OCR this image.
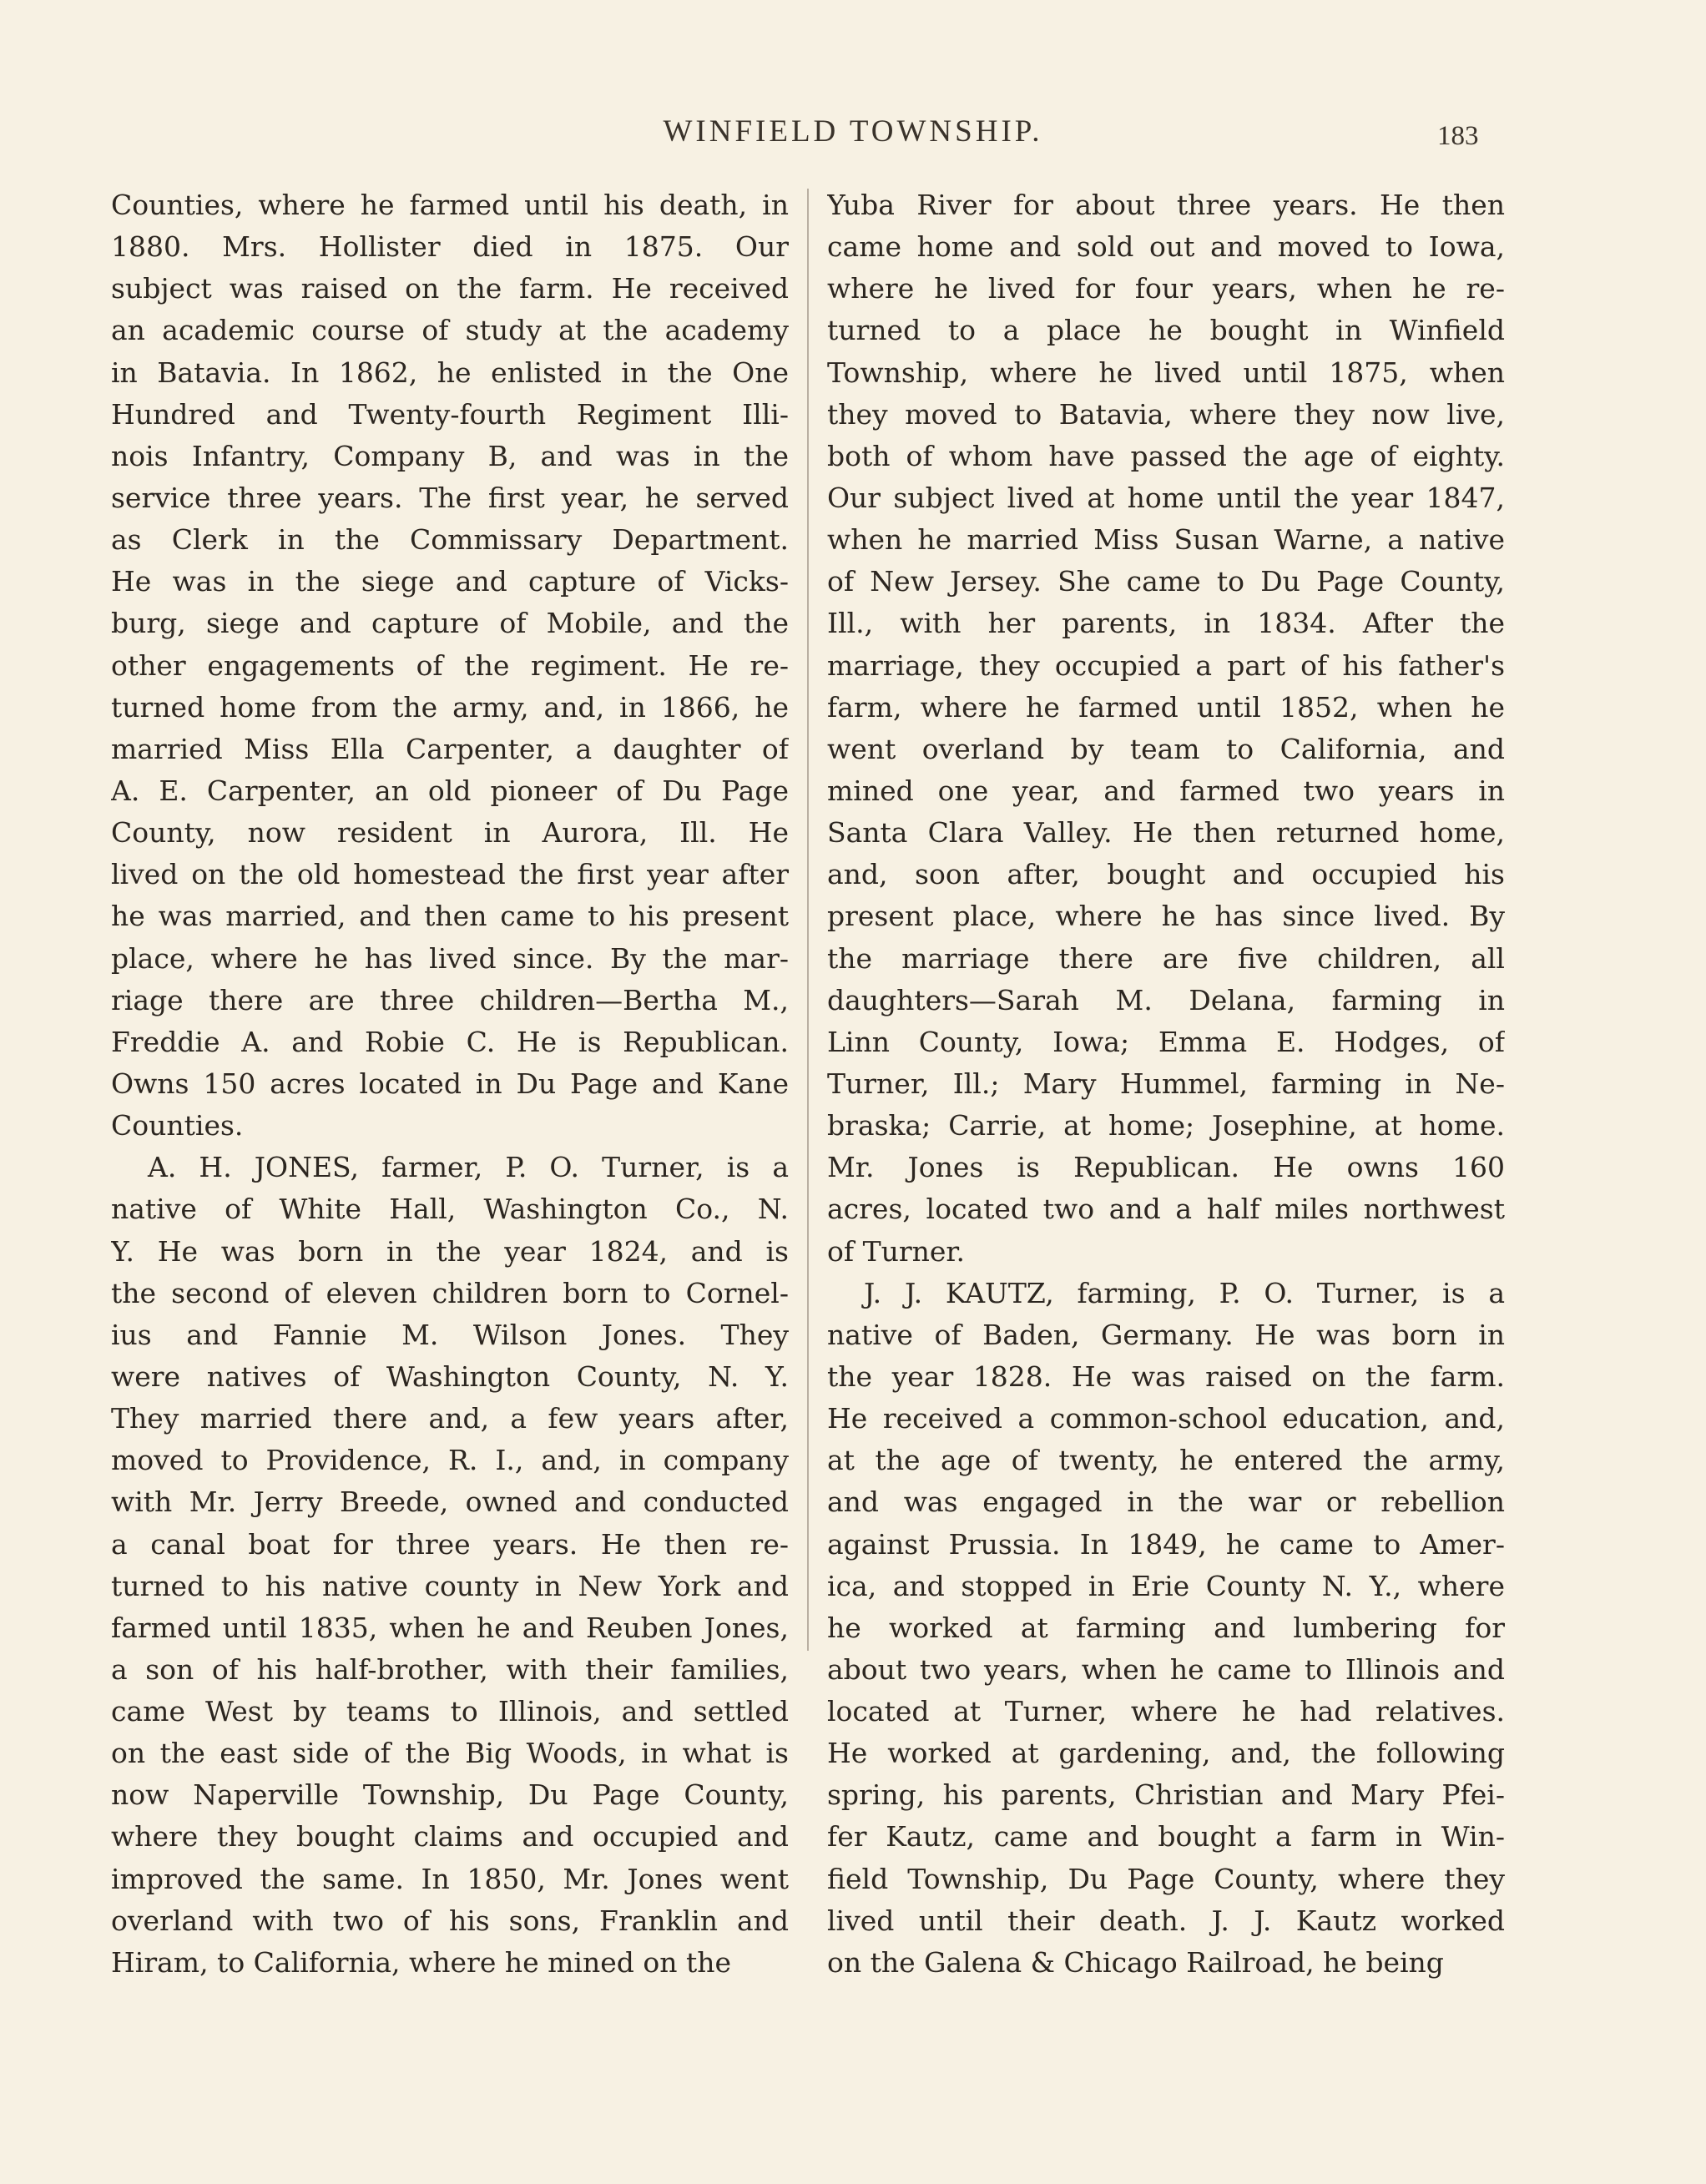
WINFIELD TOWNSHIP.	183
Counties, where he farmed until his death, in
1880. Mrs. Hollister died in 1875. Our
subject was raised on the farm. He received
an academic course of study at the academy
in Batavia. In 1862, he enlisted in the One
Hundred and Twenty-fourth Regiment Illi-
nois Infantry, Company B, and was in the
service three years. The first year, he served
as Clerk in the Commissary Department.
He was in the siege and capture of Vicks-
burg, siege and capture of Mobile, and the
other engagements of the regiment. He re-
turned home from the army, and, in 1866, he
married Miss Ella Carpenter, a daughter of
A. E. Carpenter, an old pioneer of Du Page
County, now resident in Aurora, Ill. He
lived on the old homestead the first year after
he was married, and then came to his present
place, where he has lived since. By the mar-
riage there are three children—Bertha M.,
Freddie A. and Robie C. He is Republican.
Owns 150 acres located in Du Page and Kane
Counties.
A. H. JONES, farmer, P. O. Turner, is a
native of White Hall, Washington Co., N.
Y. He was born in the year 1824, and is
the second of eleven children born to Cornel-
ius and Fannie M. Wilson Jones. They
were natives of Washington County, N. Y.
They married there and, a few years after,
moved to Providence, R. I., and, in company
with Mr. Jerry Breede, owned and conducted
a canal boat for three years. He then re-
turned to his native county in New York and
farmed until 1835, when he and Reuben Jones,
a son of his half-brother, with their families,
came West by teams to Illinois, and settled
on the east side of the Big Woods, in what is
now Naperville Township, Du Page County,
where they bought claims and occupied and
improved the same. In 1850, Mr. Jones went
overland with two of his sons, Franklin and
Hiram, to California, where he mined on the
Yuba River for about three years. He then
came home and sold out and moved to Iowa,
where he lived for four years, when he re-
turned to a place he bought in Winfield
Township, where he lived until 1875, when
they moved to Batavia, where they now live,
both of whom have passed the age of eighty.
Our subject lived at home until the year 1847,
when he married Miss Susan Warne, a native
of New Jersey. She came to Du Page County,
Ill., with her parents, in 1834. After the
marriage, they occupied a part of his father's
farm, where he farmed until 1852, when he
went overland by team to California, and
mined one year, and farmed two years in
Santa Clara Valley. He then returned home,
and, soon after, bought and occupied his
present place, where he has since lived. By
the marriage there are five children, all
daughters—Sarah M. Delana, farming in
Linn County, Iowa; Emma E. Hodges, of
Turner, Ill.; Mary Hummel, farming in Ne-
braska; Carrie, at home; Josephine, at home.
Mr. Jones is Republican. He owns 160
acres, located two and a half miles northwest
of Turner.
J. J. KAUTZ, farming, P. O. Turner, is a
native of Baden, Germany. He was born in
the year 1828. He was raised on the farm.
He received a common-school education, and,
at the age of twenty, he entered the army,
and was engaged in the war or rebellion
against Prussia. In 1849, he came to Amer-
ica, and stopped in Erie County N. Y., where
he worked at farming and lumbering for
about two years, when he came to Illinois and
located at Turner, where he had relatives.
He worked at gardening, and, the following
spring, his parents, Christian and Mary Pfei-
fer Kautz, came and bought a farm in Win-
field Township, Du Page County, where they
lived until their death. J. J. Kautz worked
on the Galena & Chicago Railroad, he being
